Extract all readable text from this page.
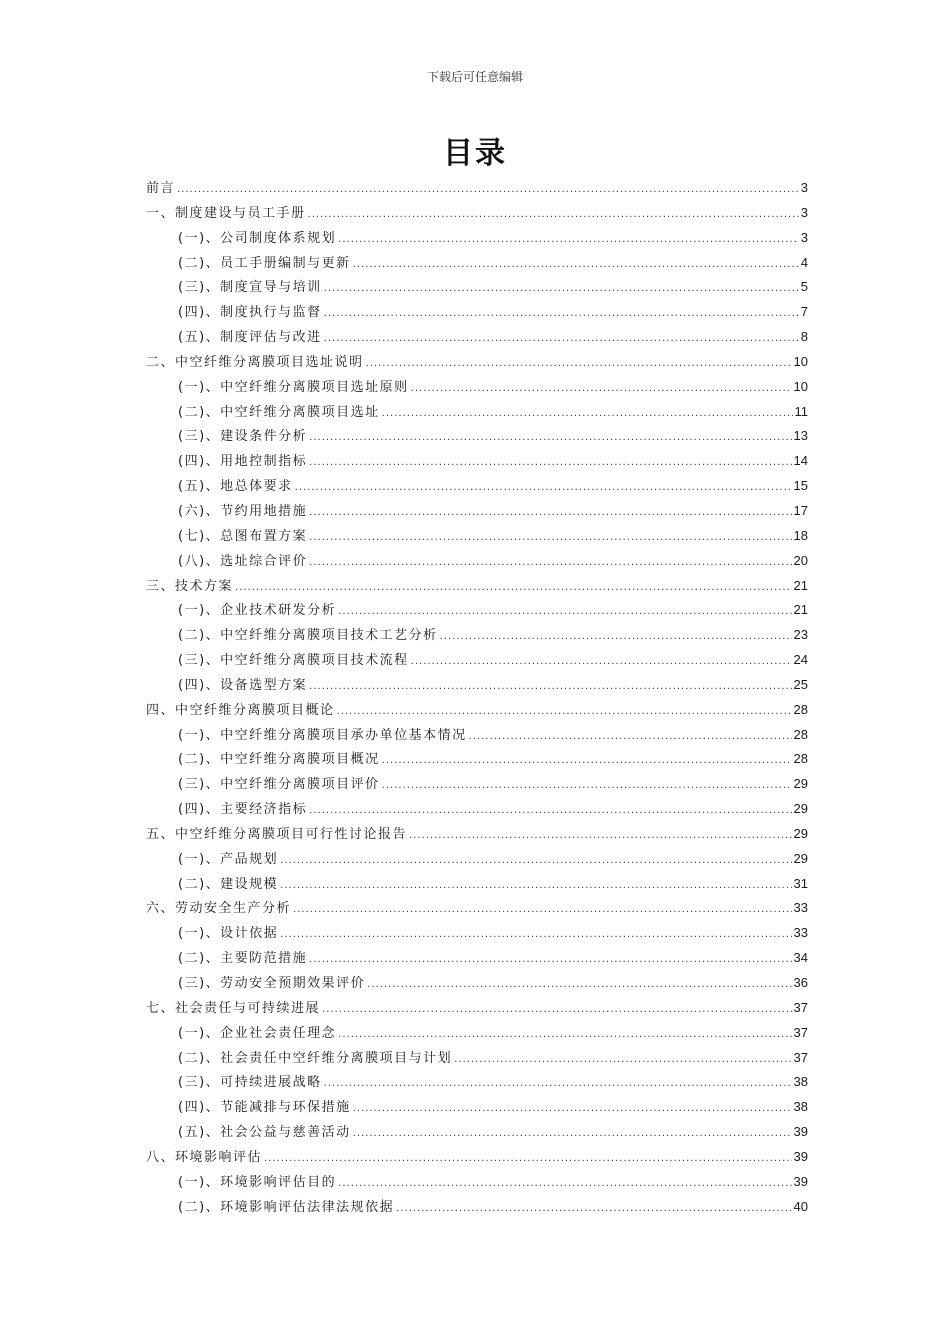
下载后可任意编辑
目录
前言 .....	3
一、制度建设与员工手册 .....	3
(一)、公司制度体系规划 .....	3
(二)、员工手册编制与更新 .....	4
(三)、制度宣导与培训 .....	5
(四)、制度执行与监督 .....	7
(五)、制度评估与改进 .....	8
二、中空纤维分离膜项目选址说明 .....	10
(一)、中空纤维分离膜项目选址原则 .....	10
(二)、中空纤维分离膜项目选址 .....	11
(三)、建设条件分析 .....	13
(四)、用地控制指标 .....	14
(五)、地总体要求 .....	15
(六)、节约用地措施 .....	17
(七)、总图布置方案 .....	18
(八)、选址综合评价 .....	20
三、技术方案 .....	21
(一)、企业技术研发分析 .....	21
(二)、中空纤维分离膜项目技术工艺分析 .....	23
(三)、中空纤维分离膜项目技术流程 .....	24
(四)、设备选型方案 .....	25
四、中空纤维分离膜项目概论 .....	28
(一)、中空纤维分离膜项目承办单位基本情况 .....	28
(二)、中空纤维分离膜项目概况 .....	28
(三)、中空纤维分离膜项目评价 .....	29
(四)、主要经济指标 .....	29
五、中空纤维分离膜项目可行性讨论报告 .....	29
(一)、产品规划 .....	29
(二)、建设规模 .....	31
六、劳动安全生产分析 .....	33
(一)、设计依据 .....	33
(二)、主要防范措施 .....	34
(三)、劳动安全预期效果评价 .....	36
七、社会责任与可持续进展 .....	37
(一)、企业社会责任理念 .....	37
(二)、社会责任中空纤维分离膜项目与计划 .....	37
(三)、可持续进展战略 .....	38
(四)、节能减排与环保措施 .....	38
(五)、社会公益与慈善活动 .....	39
八、环境影响评估 .....	39
(一)、环境影响评估目的 .....	39
(二)、环境影响评估法律法规依据 .....	40
